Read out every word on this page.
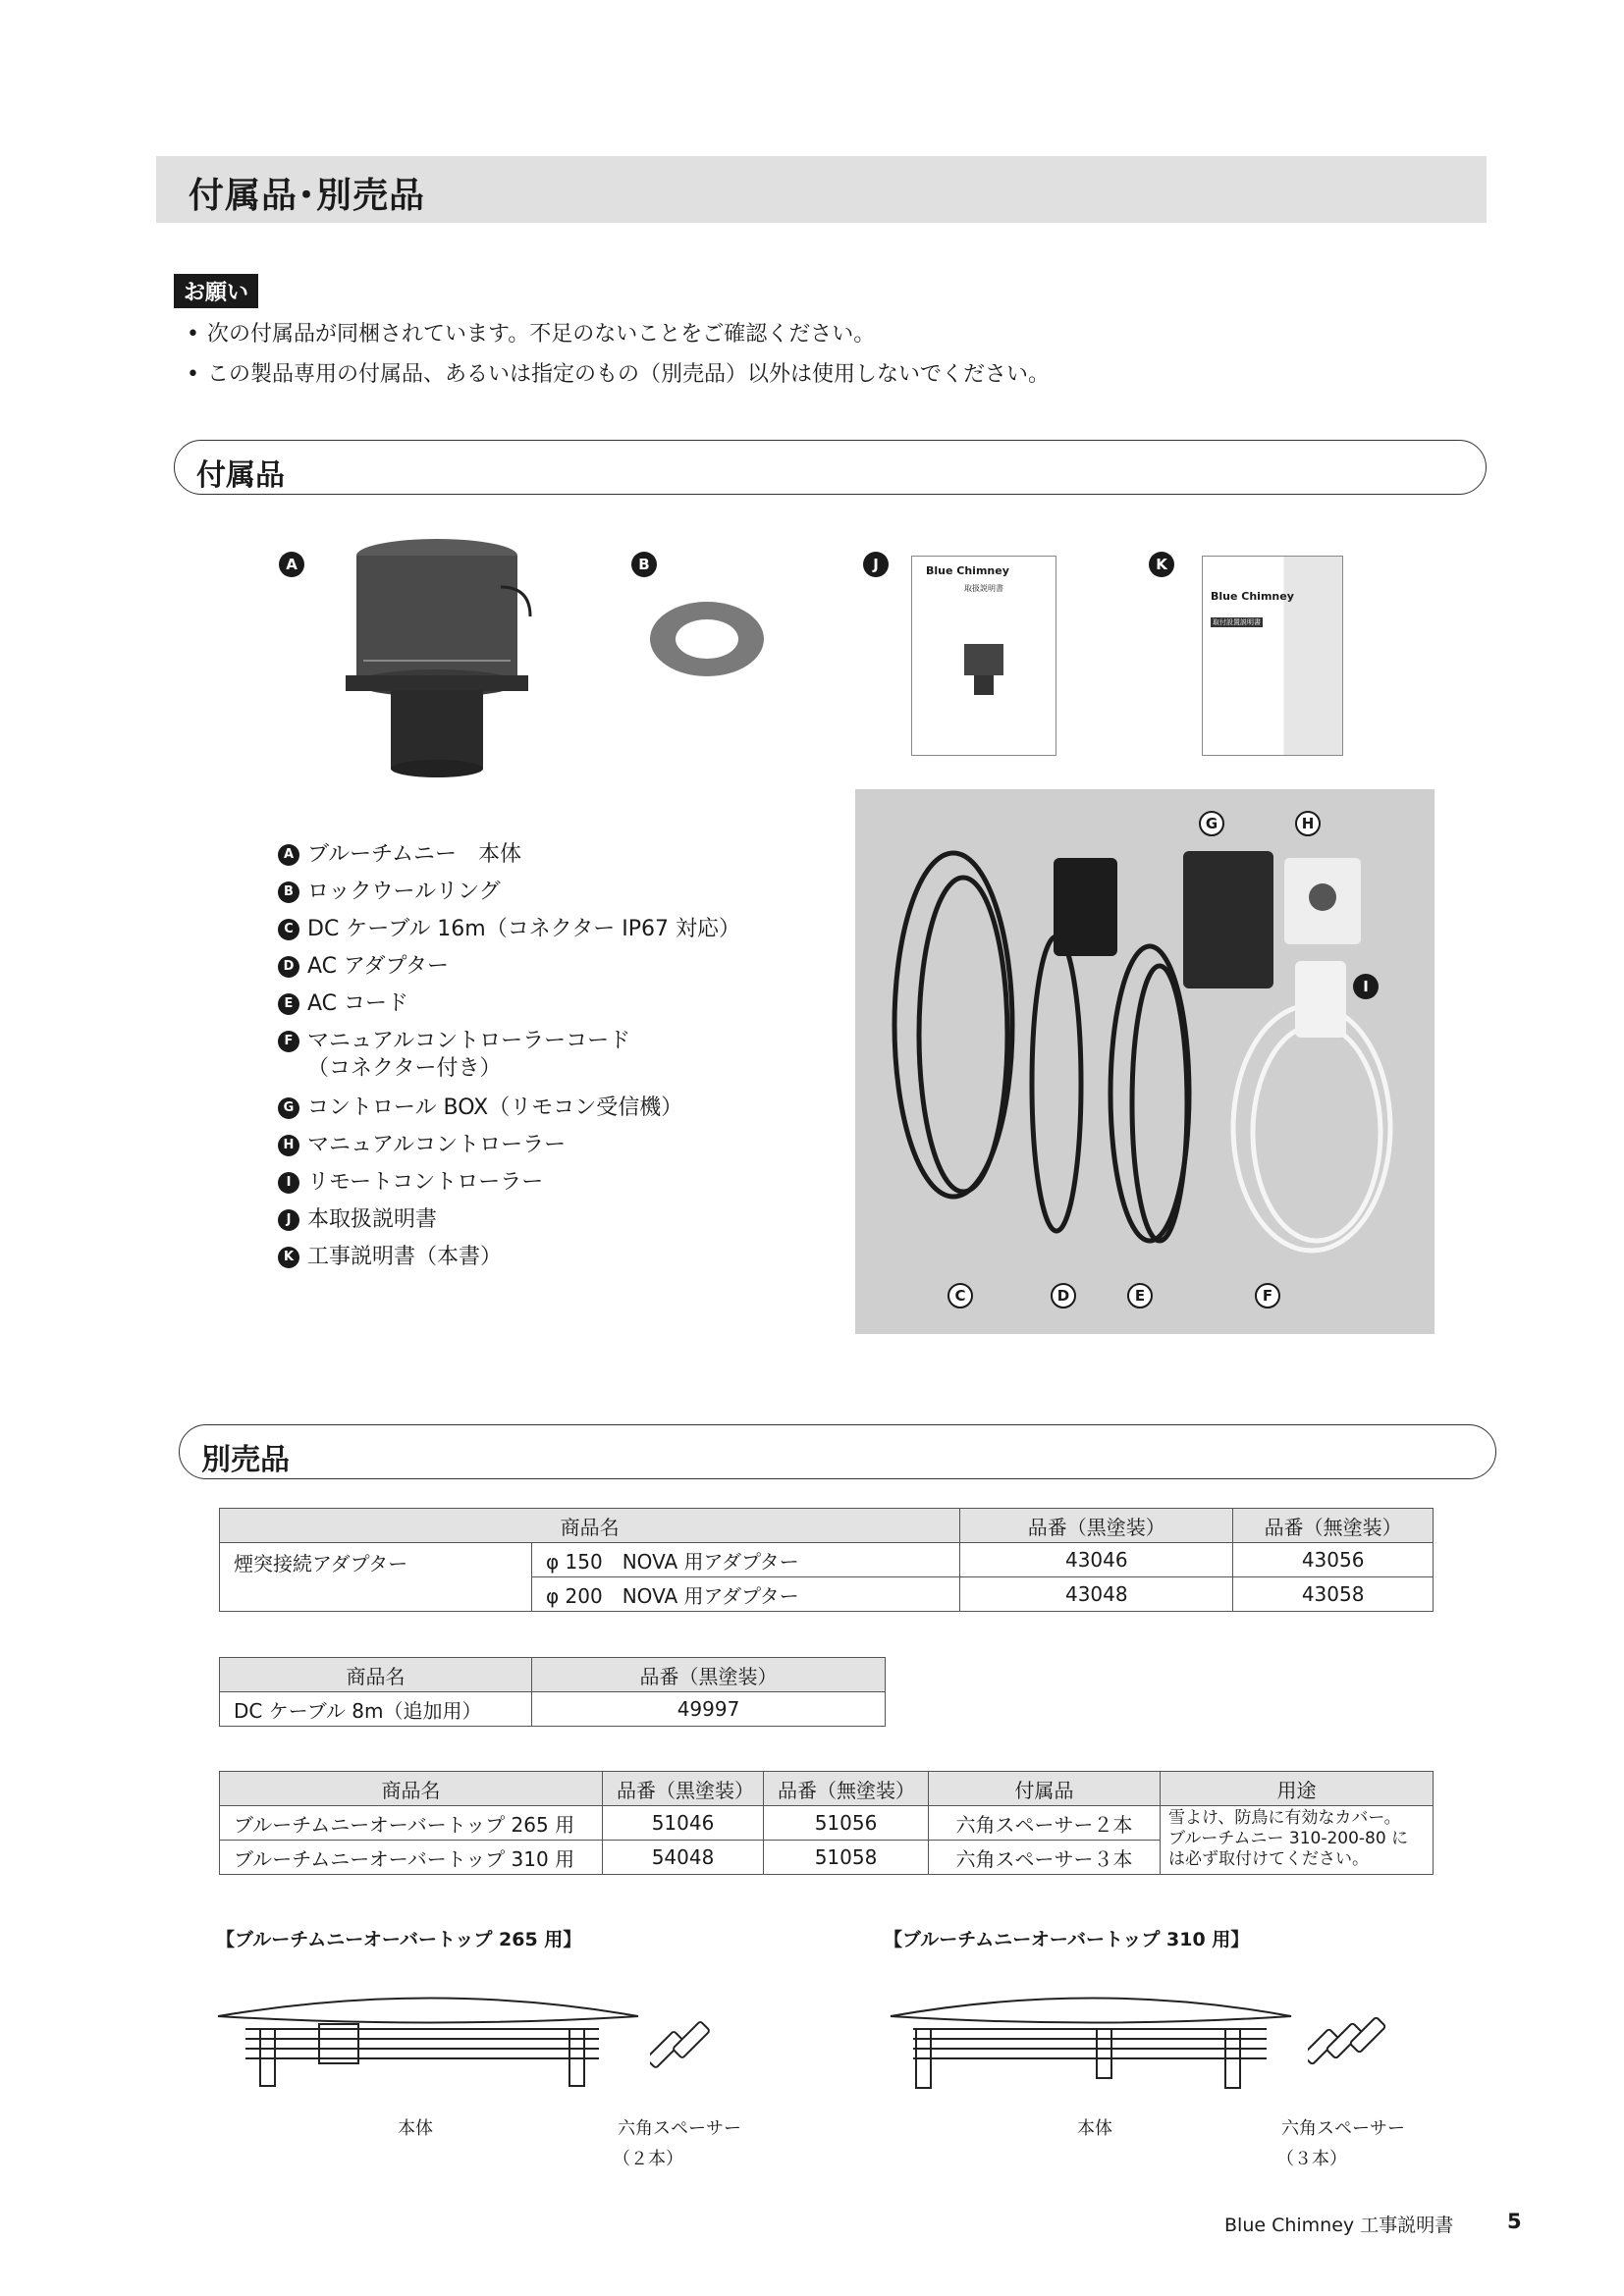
付属品･別売品
お願い
• 次の付属品が同梱されています。不足のないことをご確認ください。
• この製品専用の付属品、あるいは指定のもの（別売品）以外は使用しないでください。
付属品
A	B	J	Blue Chimney
取扱説明書
K
Blue Chimney
取付設置説明書
A ブルーチムニー　本体
B ロックウールリング
C DC ケーブル 16m（コネクター IP67 対応）
D AC アダプター
E AC コード
F マニュアルコントローラーコード
（コネクター付き）
G コントロール BOX（リモコン受信機）
H マニュアルコントローラー
I リモートコントローラー
J 本取扱説明書
K 工事説明書（本書）
G	H
I
C	D	E	F
別売品
商品名		品番（黒塗装）	品番（無塗装）
煙突接続アダプター	φ 150　NOVA 用アダプター	43046	43056
	φ 200　NOVA 用アダプター	43048	43058
商品名	品番（黒塗装）
DC ケーブル 8m（追加用）	49997
商品名	品番（黒塗装）	品番（無塗装）	付属品	用途
ブルーチムニーオーバートップ 265 用	51046	51056	六角スペーサー２本	雪よけ、防鳥に有効なカバー。
ブルーチムニー 310-200-80 に
は必ず取付けてください。
ブルーチムニーオーバートップ 310 用	54048	51058	六角スペーサー３本	
【ブルーチムニーオーバートップ 265 用】
本体	六角スペーサー
（２本）
【ブルーチムニーオーバートップ 310 用】
本体	六角スペーサー
（３本）
Blue Chimney 工事説明書	5
